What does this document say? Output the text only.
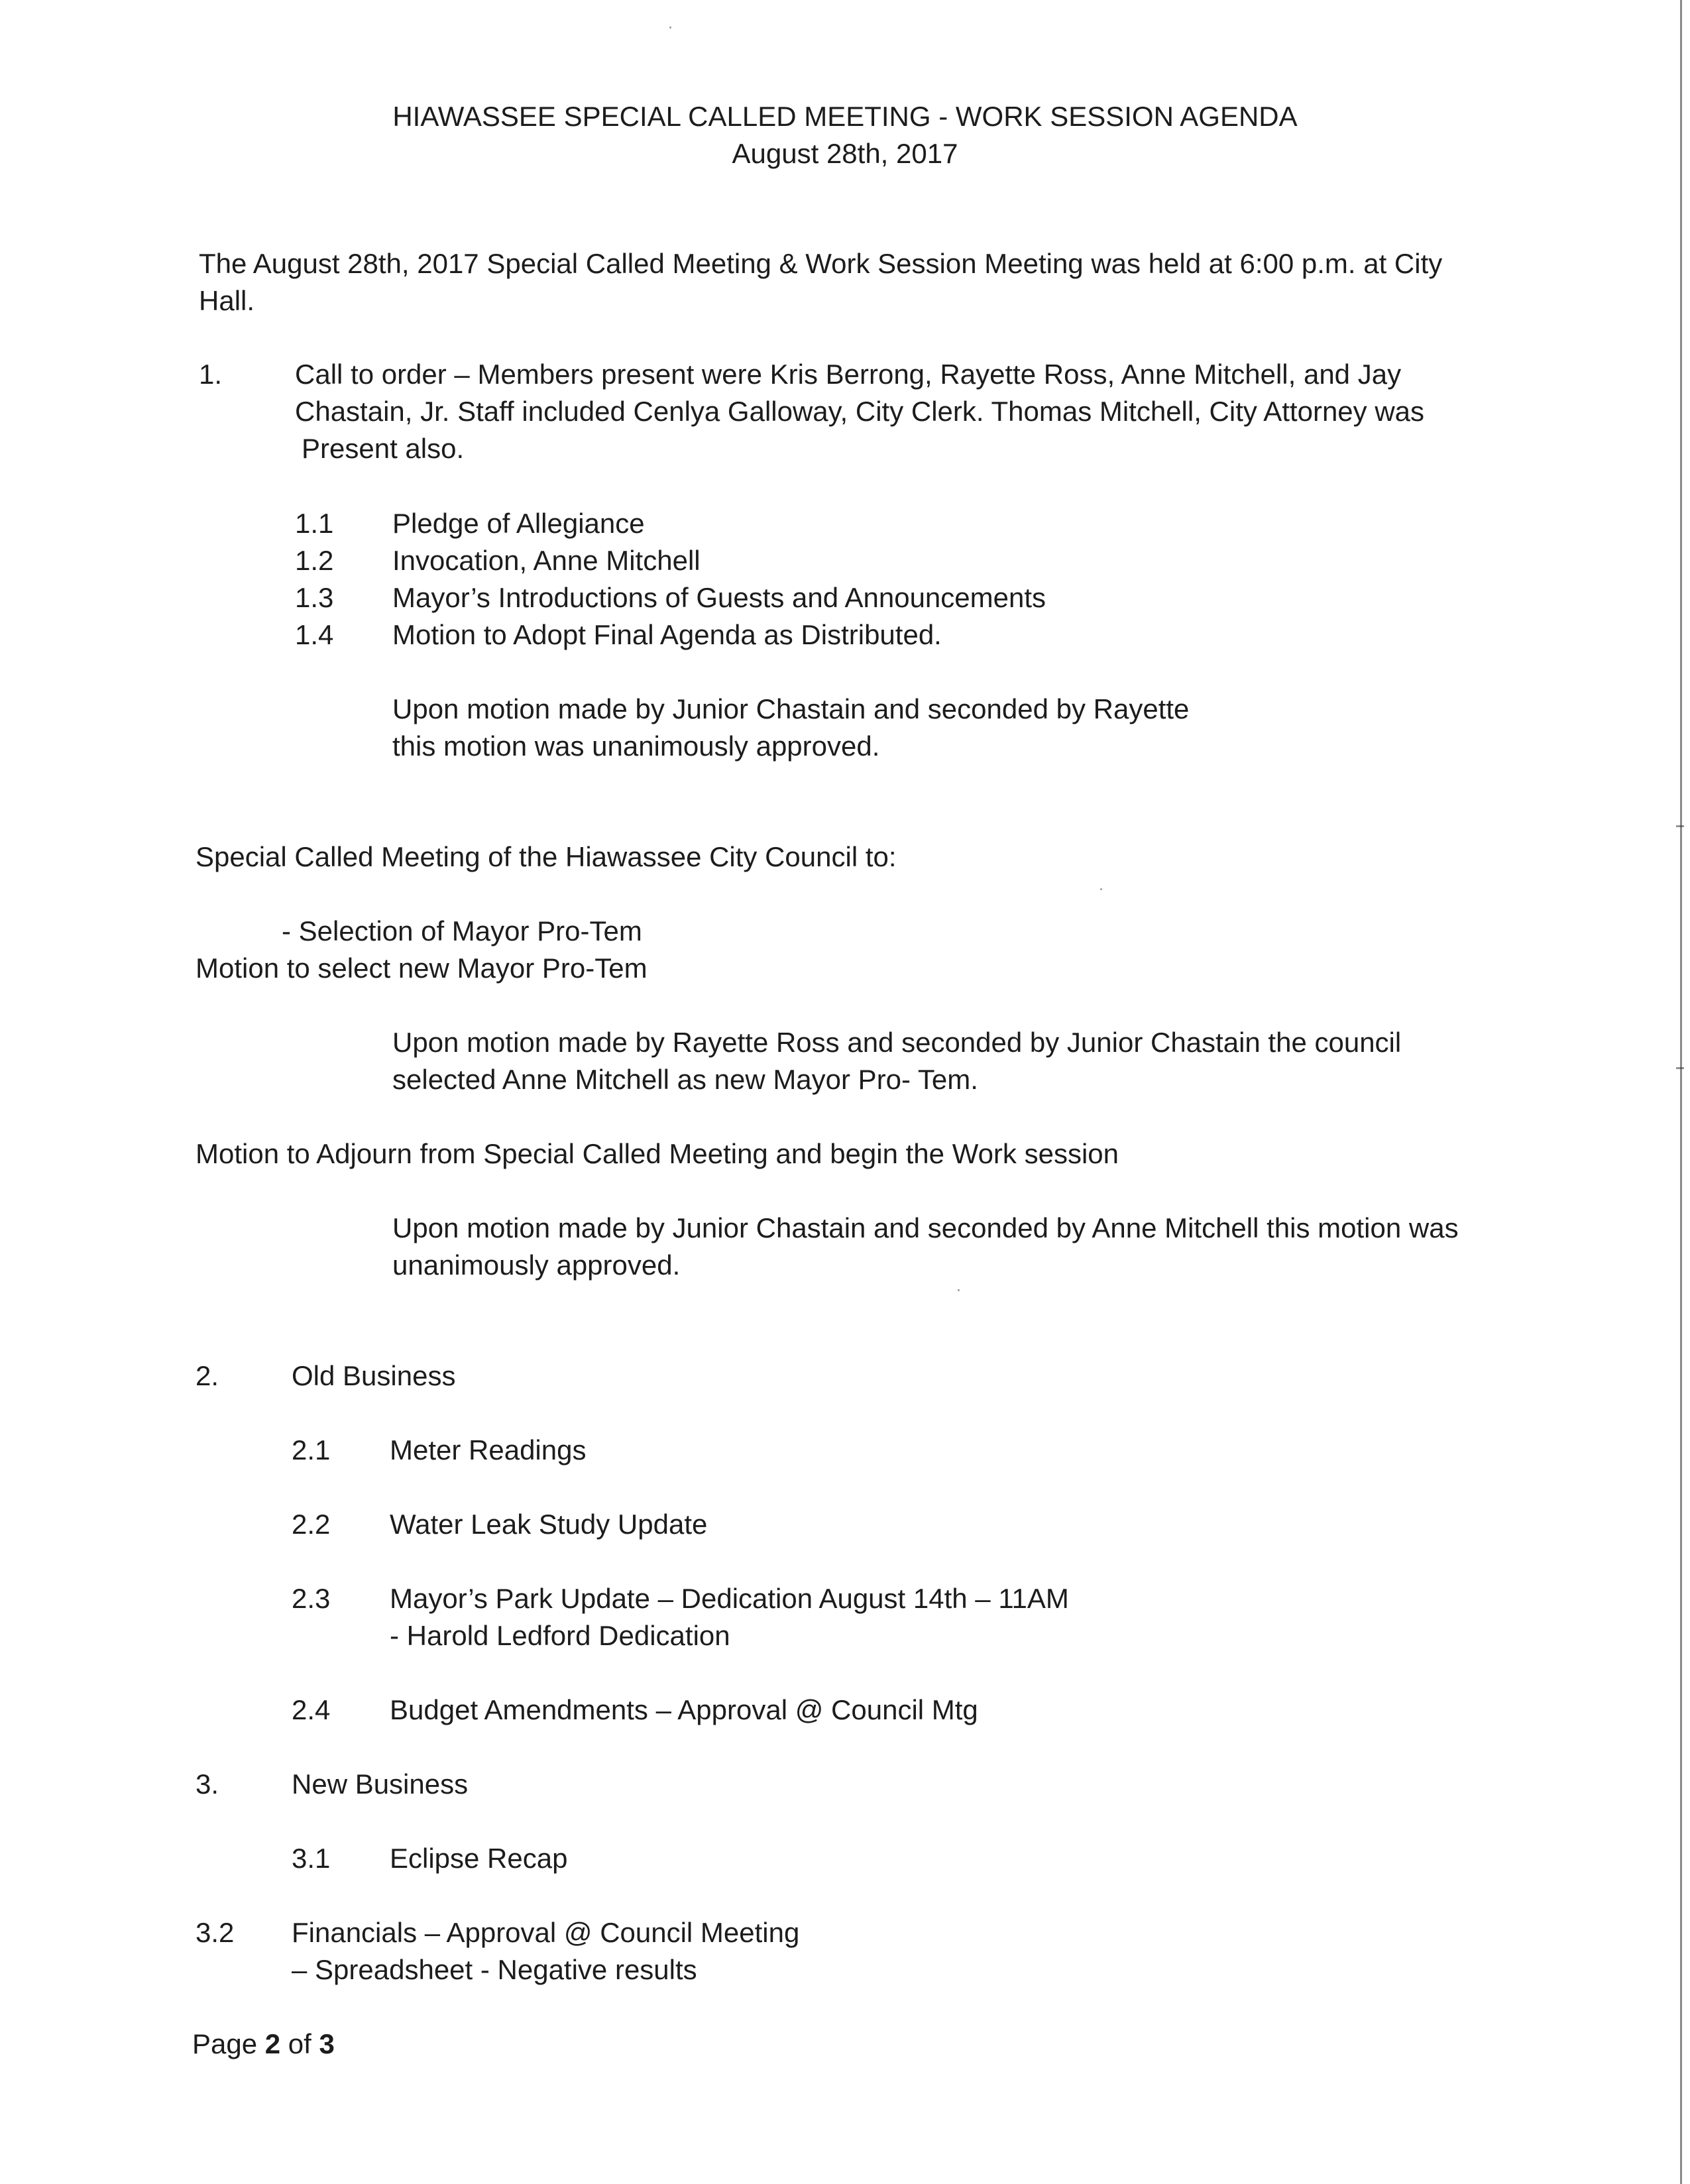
HIAWASSEE SPECIAL CALLED MEETING - WORK SESSION AGENDA
August 28th, 2017
The August 28th, 2017 Special Called Meeting & Work Session Meeting was held at 6:00 p.m. at City
Hall.
1.	Call to order – Members present were Kris Berrong, Rayette Ross, Anne Mitchell, and Jay
Chastain, Jr. Staff included Cenlya Galloway, City Clerk. Thomas Mitchell, City Attorney was
Present also.
1.1 Pledge of Allegiance
1.2 Invocation, Anne Mitchell
1.3 Mayor’s Introductions of Guests and Announcements
1.4 Motion to Adopt Final Agenda as Distributed.
Upon motion made by Junior Chastain and seconded by Rayette
this motion was unanimously approved.
Special Called Meeting of the Hiawassee City Council to:
- Selection of Mayor Pro-Tem
Motion to select new Mayor Pro-Tem
Upon motion made by Rayette Ross and seconded by Junior Chastain the council
selected Anne Mitchell as new Mayor Pro- Tem.
Motion to Adjourn from Special Called Meeting and begin the Work session
Upon motion made by Junior Chastain and seconded by Anne Mitchell this motion was
unanimously approved.
2.	Old Business
2.1 Meter Readings
2.2 Water Leak Study Update
2.3 Mayor’s Park Update – Dedication August 14th – 11AM
- Harold Ledford Dedication
2.4 Budget Amendments – Approval @ Council Mtg
3.	New Business
3.1 Eclipse Recap
3.2 Financials – Approval @ Council Meeting
– Spreadsheet - Negative results
Page 2 of 3
